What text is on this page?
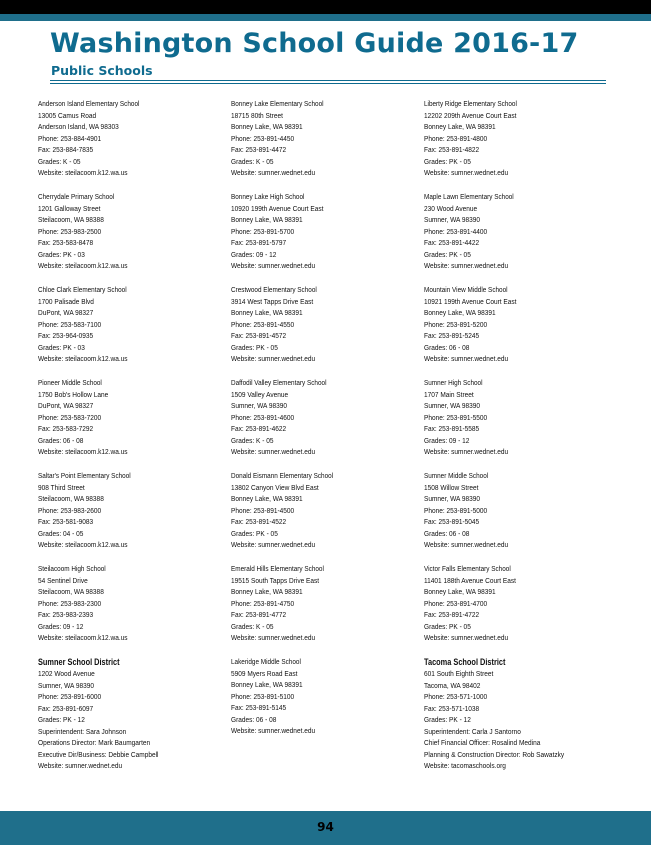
Washington School Guide 2016-17
Public Schools
Anderson Island Elementary School
13005 Camus Road
Anderson Island, WA 98303
Phone: 253-884-4901
Fax: 253-884-7835
Grades: K - 05
Website: steilacoom.k12.wa.us
Cherrydale Primary School
1201 Galloway Street
Steilacoom, WA 98388
Phone: 253-983-2500
Fax: 253-583-8478
Grades: PK - 03
Website: steilacoom.k12.wa.us
Chloe Clark Elementary School
1700 Palisade Blvd
DuPont, WA 98327
Phone: 253-583-7100
Fax: 253-964-0935
Grades: PK - 03
Website: steilacoom.k12.wa.us
Pioneer Middle School
1750 Bob's Hollow Lane
DuPont, WA 98327
Phone: 253-583-7200
Fax: 253-583-7292
Grades: 06 - 08
Website: steilacoom.k12.wa.us
Saltar's Point Elementary School
908 Third Street
Steilacoom, WA 98388
Phone: 253-983-2600
Fax: 253-581-9083
Grades: 04 - 05
Website: steilacoom.k12.wa.us
Steilacoom High School
54 Sentinel Drive
Steilacoom, WA 98388
Phone: 253-983-2300
Fax: 253-983-2393
Grades: 09 - 12
Website: steilacoom.k12.wa.us
Sumner School District
1202 Wood Avenue
Sumner, WA 98390
Phone: 253-891-6000
Fax: 253-891-6097
Grades: PK - 12
Superintendent: Sara Johnson
Operations Director: Mark Baumgarten
Executive Dir/Business: Debbie Campbell
Website: sumner.wednet.edu
Bonney Lake Elementary School
18715 80th Street
Bonney Lake, WA 98391
Phone: 253-891-4450
Fax: 253-891-4472
Grades: K - 05
Website: sumner.wednet.edu
Bonney Lake High School
10920 199th Avenue Court East
Bonney Lake, WA 98391
Phone: 253-891-5700
Fax: 253-891-5797
Grades: 09 - 12
Website: sumner.wednet.edu
Crestwood Elementary School
3914 West Tapps Drive East
Bonney Lake, WA 98391
Phone: 253-891-4550
Fax: 253-891-4572
Grades: PK - 05
Website: sumner.wednet.edu
Daffodil Valley Elementary School
1509 Valley Avenue
Sumner, WA 98390
Phone: 253-891-4600
Fax: 253-891-4622
Grades: K - 05
Website: sumner.wednet.edu
Donald Eismann Elementary School
13802 Canyon View Blvd East
Bonney Lake, WA 98391
Phone: 253-891-4500
Fax: 253-891-4522
Grades: PK - 05
Website: sumner.wednet.edu
Emerald Hills Elementary School
19515 South Tapps Drive East
Bonney Lake, WA 98391
Phone: 253-891-4750
Fax: 253-891-4772
Grades: K - 05
Website: sumner.wednet.edu
Lakeridge Middle School
5909 Myers Road East
Bonney Lake, WA 98391
Phone: 253-891-5100
Fax: 253-891-5145
Grades: 06 - 08
Website: sumner.wednet.edu
Liberty Ridge Elementary School
12202 209th Avenue Court East
Bonney Lake, WA 98391
Phone: 253-891-4800
Fax: 253-891-4822
Grades: PK - 05
Website: sumner.wednet.edu
Maple Lawn Elementary School
230 Wood Avenue
Sumner, WA 98390
Phone: 253-891-4400
Fax: 253-891-4422
Grades: PK - 05
Website: sumner.wednet.edu
Mountain View Middle School
10921 199th Avenue Court East
Bonney Lake, WA 98391
Phone: 253-891-5200
Fax: 253-891-5245
Grades: 06 - 08
Website: sumner.wednet.edu
Sumner High School
1707 Main Street
Sumner, WA 98390
Phone: 253-891-5500
Fax: 253-891-5585
Grades: 09 - 12
Website: sumner.wednet.edu
Sumner Middle School
1508 Willow Street
Sumner, WA 98390
Phone: 253-891-5000
Fax: 253-891-5045
Grades: 06 - 08
Website: sumner.wednet.edu
Victor Falls Elementary School
11401 188th Avenue Court East
Bonney Lake, WA 98391
Phone: 253-891-4700
Fax: 253-891-4722
Grades: PK - 05
Website: sumner.wednet.edu
Tacoma School District
601 South Eighth Street
Tacoma, WA 98402
Phone: 253-571-1000
Fax: 253-571-1038
Grades: PK - 12
Superintendent: Carla J Santorno
Chief Financial Officer: Rosalind Medina
Planning & Construction Director: Rob Sawatzky
Website: tacomaschools.org
94
